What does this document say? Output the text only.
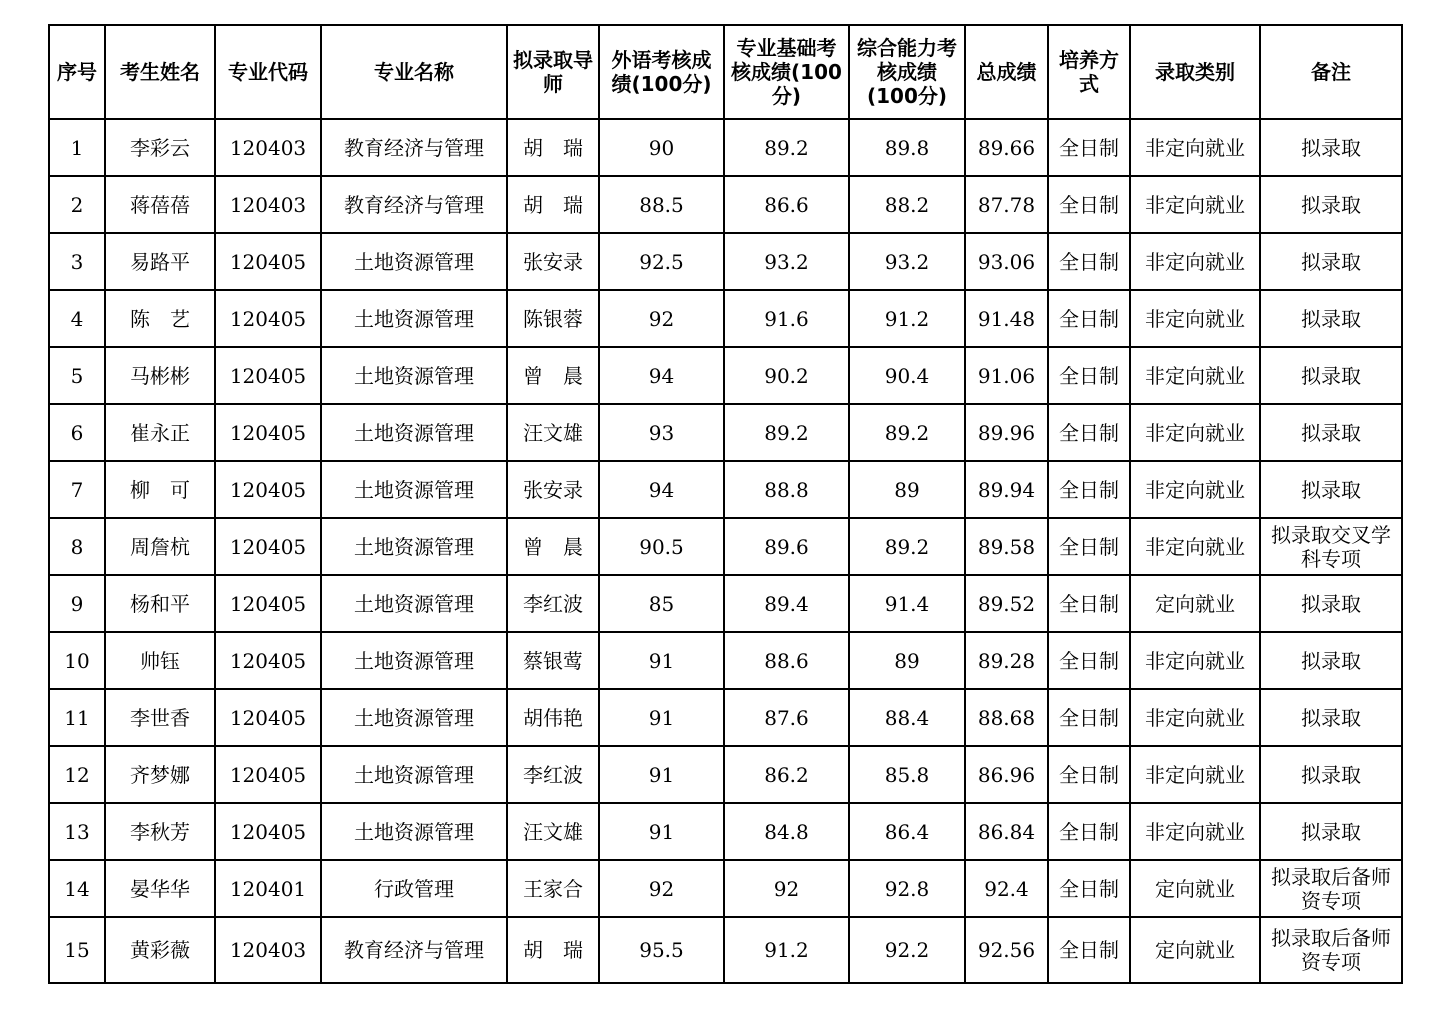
序号	考生姓名	专业代码	专业名称	拟录取导师	外语考核成绩(100分)	专业基础考核成绩(100分)	综合能力考核成绩(100分)	总成绩	培养方式	录取类别	备注
1	李彩云	120403	教育经济与管理	胡　瑞	90	89.2	89.8	89.66	全日制	非定向就业	拟录取
2	蒋蓓蓓	120403	教育经济与管理	胡　瑞	88.5	86.6	88.2	87.78	全日制	非定向就业	拟录取
3	易路平	120405	土地资源管理	张安录	92.5	93.2	93.2	93.06	全日制	非定向就业	拟录取
4	陈　艺	120405	土地资源管理	陈银蓉	92	91.6	91.2	91.48	全日制	非定向就业	拟录取
5	马彬彬	120405	土地资源管理	曾　晨	94	90.2	90.4	91.06	全日制	非定向就业	拟录取
6	崔永正	120405	土地资源管理	汪文雄	93	89.2	89.2	89.96	全日制	非定向就业	拟录取
7	柳　可	120405	土地资源管理	张安录	94	88.8	89	89.94	全日制	非定向就业	拟录取
8	周詹杭	120405	土地资源管理	曾　晨	90.5	89.6	89.2	89.58	全日制	非定向就业	拟录取交叉学科专项
9	杨和平	120405	土地资源管理	李红波	85	89.4	91.4	89.52	全日制	定向就业	拟录取
10	帅钰	120405	土地资源管理	蔡银莺	91	88.6	89	89.28	全日制	非定向就业	拟录取
11	李世香	120405	土地资源管理	胡伟艳	91	87.6	88.4	88.68	全日制	非定向就业	拟录取
12	齐梦娜	120405	土地资源管理	李红波	91	86.2	85.8	86.96	全日制	非定向就业	拟录取
13	李秋芳	120405	土地资源管理	汪文雄	91	84.8	86.4	86.84	全日制	非定向就业	拟录取
14	晏华华	120401	行政管理	王家合	92	92	92.8	92.4	全日制	定向就业	拟录取后备师资专项
15	黄彩薇	120403	教育经济与管理	胡　瑞	95.5	91.2	92.2	92.56	全日制	定向就业	拟录取后备师资专项
